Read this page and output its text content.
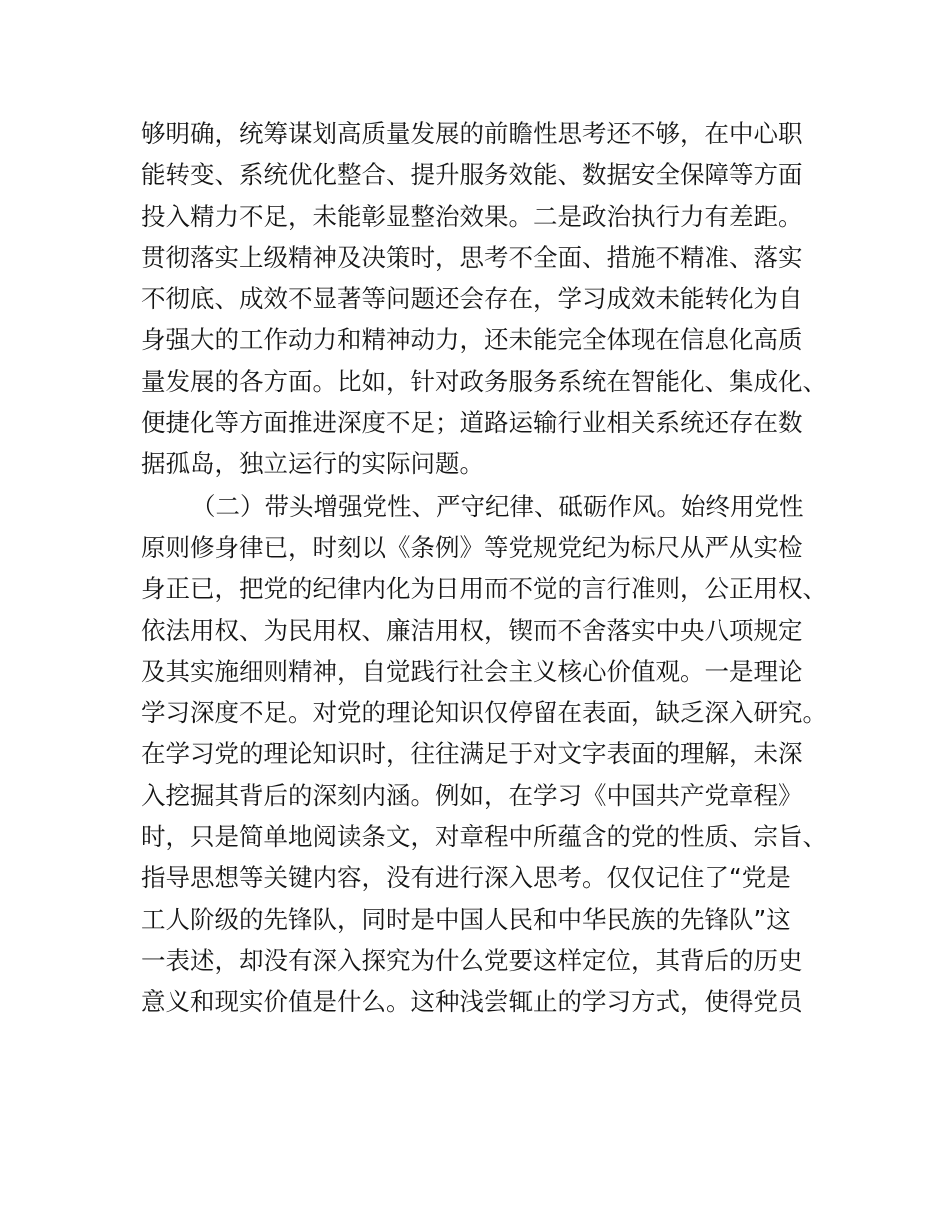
够明确，统筹谋划高质量发展的前瞻性思考还不够，在中心职
能转变、系统优化整合、提升服务效能、数据安全保障等方面
投入精力不足，未能彰显整治效果。二是政治执行力有差距。
贯彻落实上级精神及决策时，思考不全面、措施不精准、落实
不彻底、成效不显著等问题还会存在，学习成效未能转化为自
身强大的工作动力和精神动力，还未能完全体现在信息化高质
量发展的各方面。比如，针对政务服务系统在智能化、集成化、
便捷化等方面推进深度不足；道路运输行业相关系统还存在数
据孤岛，独立运行的实际问题。
（二）带头增强党性、严守纪律、砥砺作风。始终用党性
原则修身律已，时刻以《条例》等党规党纪为标尺从严从实检
身正已，把党的纪律内化为日用而不觉的言行准则，公正用权、
依法用权、为民用权、廉洁用权，锲而不舍落实中央八项规定
及其实施细则精神，自觉践行社会主义核心价值观。一是理论
学习深度不足。对党的理论知识仅停留在表面，缺乏深入研究。
在学习党的理论知识时，往往满足于对文字表面的理解，未深
入挖掘其背后的深刻内涵。例如，在学习《中国共产党章程》
时，只是简单地阅读条文，对章程中所蕴含的党的性质、宗旨、
指导思想等关键内容，没有进行深入思考。仅仅记住了“党是
工人阶级的先锋队，同时是中国人民和中华民族的先锋队”这
一表述，却没有深入探究为什么党要这样定位，其背后的历史
意义和现实价值是什么。这种浅尝辄止的学习方式，使得党员
